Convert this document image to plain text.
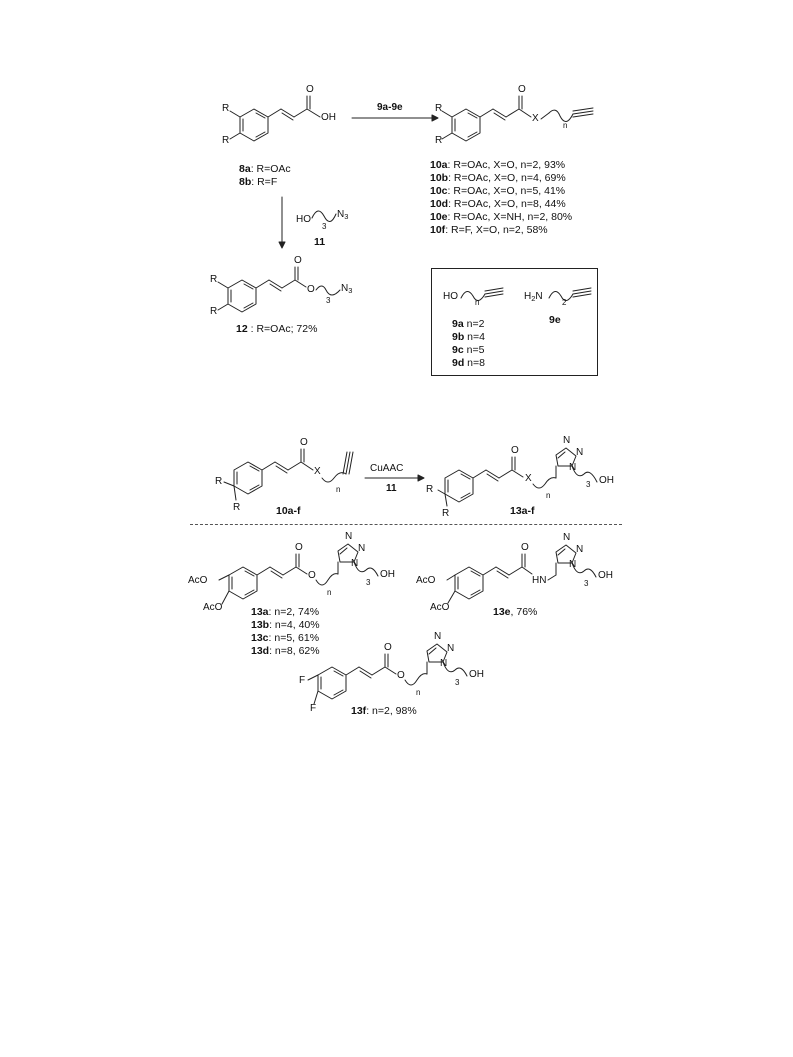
R
R
O
OH
9a-9e	R
R
O
X
n
8a: R=OAc
8b: R=F
10a: R=OAc, X=O, n=2, 93%
10b: R=OAc, X=O, n=4, 69%
10c: R=OAc, X=O, n=5, 41%
10d: R=OAc, X=O, n=8, 44%
10e: R=OAc, X=NH, n=2, 80%
10f: R=F, X=O, n=2, 58%
HO
3
$N_3$
11
R
R
O
O
3
$N_3$
12 : R=OAc; 72%
HO
n
$H_2N$
2
9a n=2
9b n=4
9c n=5
9d n=8
9e
R
R
O
X
n
10a-f
CuAAC
11	R
R
O
X
n
N
N
N
3 OH
13a-f
AcO
AcO
O
O
n
N
N
N
3
OH
13a: n=2, 74%
13b: n=4, 40%
13c: n=5, 61%
13d: n=8, 62%
AcO
AcO
O
HN
N
N
N
3
OH
13e, 76%
F
F
O
O
n
N
N
N
3
OH
13f: n=2, 98%
